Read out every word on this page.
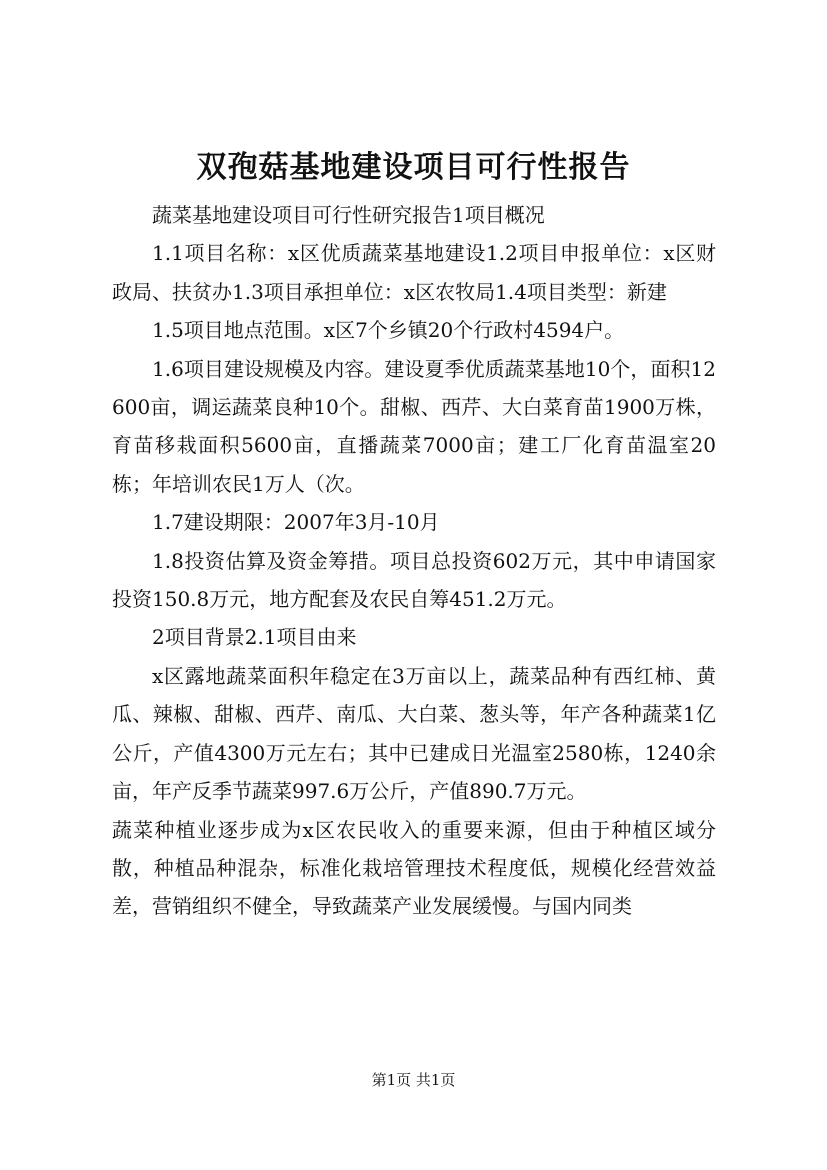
双孢菇基地建设项目可行性报告

蔬菜基地建设项目可行性研究报告1项目概况

1.1项目名称：x区优质蔬菜基地建设1.2项目申报单位：x区财政局、扶贫办1.3项目承担单位：x区农牧局1.4项目类型：新建

1.5项目地点范围。x区7个乡镇20个行政村4594户。

1.6项目建设规模及内容。建设夏季优质蔬菜基地10个，面积12600亩，调运蔬菜良种10个。甜椒、西芹、大白菜育苗1900万株，育苗移栽面积5600亩，直播蔬菜7000亩；建工厂化育苗温室20栋；年培训农民1万人（次。

1.7建设期限：2007年3月-10月

1.8投资估算及资金筹措。项目总投资602万元，其中申请国家投资150.8万元，地方配套及农民自筹451.2万元。

2项目背景2.1项目由来

x区露地蔬菜面积年稳定在3万亩以上，蔬菜品种有西红柿、黄瓜、辣椒、甜椒、西芹、南瓜、大白菜、葱头等，年产各种蔬菜1亿公斤，产值4300万元左右；其中已建成日光温室2580栋，1240余亩，年产反季节蔬菜997.6万公斤，产值890.7万元。

蔬菜种植业逐步成为x区农民收入的重要来源，但由于种植区域分散，种植品种混杂，标准化栽培管理技术程度低，规模化经营效益差，营销组织不健全，导致蔬菜产业发展缓慢。与国内同类

第1页 共1页
